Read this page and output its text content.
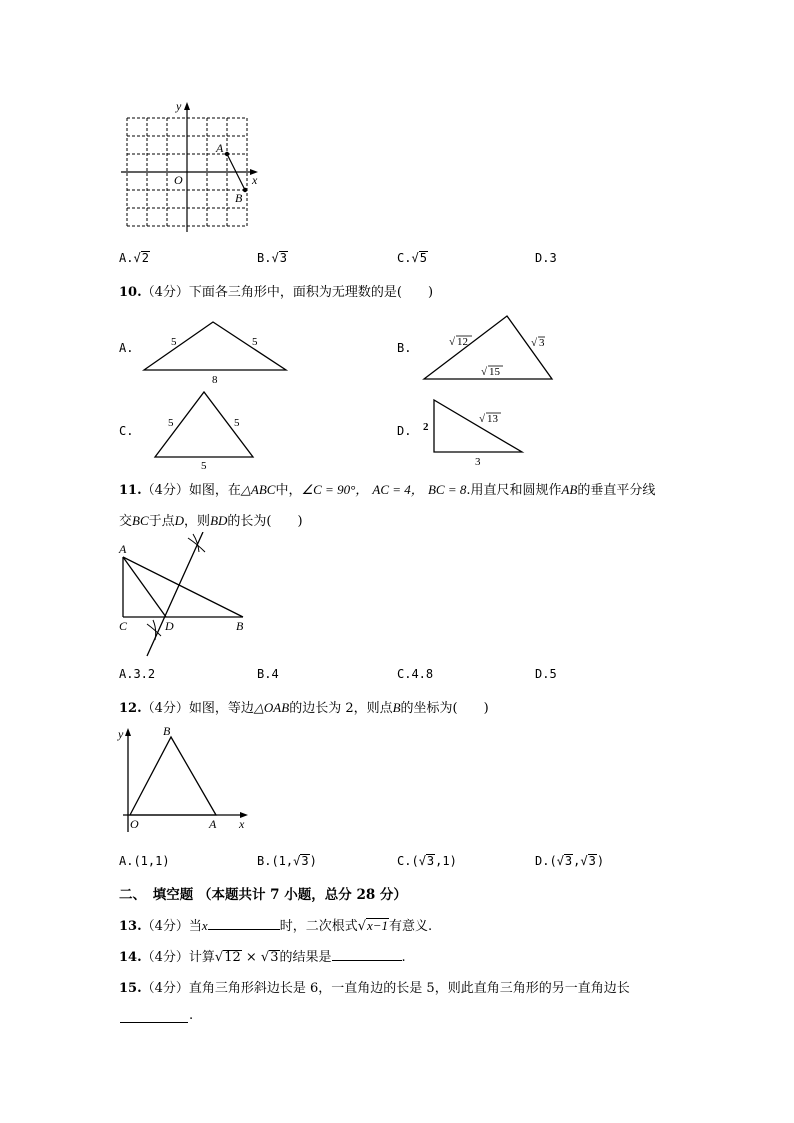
y
x
O
A
B
A.√2	B.√3	C.√5	D.3
10.（4分）下面各三角形中，面积为无理数的是(　　)
A.	5	5
8
B.	√ 12	√ 3
√ 15
C.
5	5
5
D. 2
√ 13
3
11.（4分）如图，在△ABC中，∠C = 90°， AC = 4， BC = 8.用直尺和圆规作AB的垂直平分线
交BC于点D，则BD的长为(　　)
A
C	D	B
A.3.2	B.4	C.4.8	D.5
12.（4分）如图，等边△OAB的边长为 2，则点B的坐标为(　　)
y	B
x
O	A
A.(1,1)	B.(1,√3)	C.(√3,1)	D.(√3,√3)
二、　填空题 （本题共计 7 小题，总分 28 分）
13.（4分）当x	时，二次根式√x−1有意义.
14.（4分）计算√12 × √3的结果是	.
15.（4分）直角三角形斜边长是 6，一直角边的长是 5，则此直角三角形的另一直角边长
.
